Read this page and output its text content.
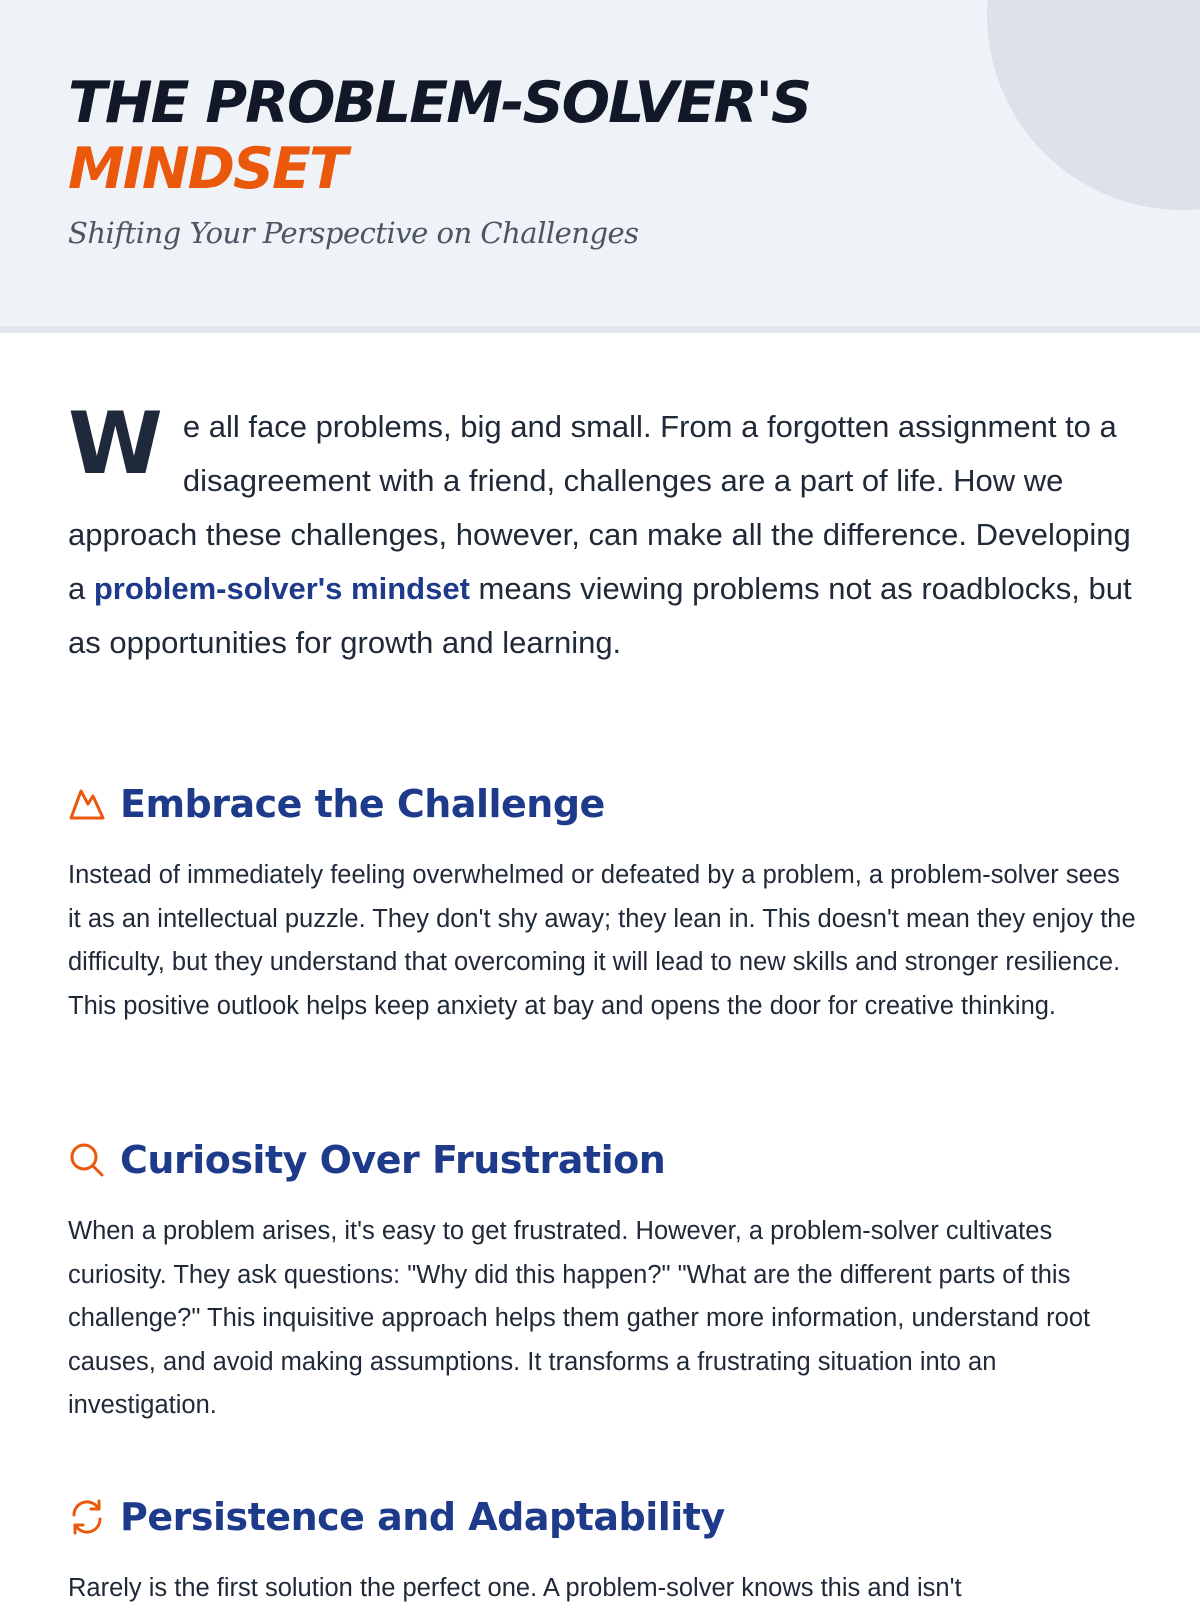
THE PROBLEM-SOLVER'S
MINDSET

Shifting Your Perspective on Challenges

We all face problems, big and small. From a forgotten assignment to a disagreement with a friend, challenges are a part of life. How we approach these challenges, however, can make all the difference. Developing a problem-solver's mindset means viewing problems not as roadblocks, but as opportunities for growth and learning.

Embrace the Challenge

Instead of immediately feeling overwhelmed or defeated by a problem, a problem-solver sees it as an intellectual puzzle. They don't shy away; they lean in. This doesn't mean they enjoy the difficulty, but they understand that overcoming it will lead to new skills and stronger resilience. This positive outlook helps keep anxiety at bay and opens the door for creative thinking.

Curiosity Over Frustration

When a problem arises, it's easy to get frustrated. However, a problem-solver cultivates curiosity. They ask questions: "Why did this happen?" "What are the different parts of this challenge?" This inquisitive approach helps them gather more information, understand root causes, and avoid making assumptions. It transforms a frustrating situation into an investigation.

Persistence and Adaptability

Rarely is the first solution the perfect one. A problem-solver knows this and isn't
